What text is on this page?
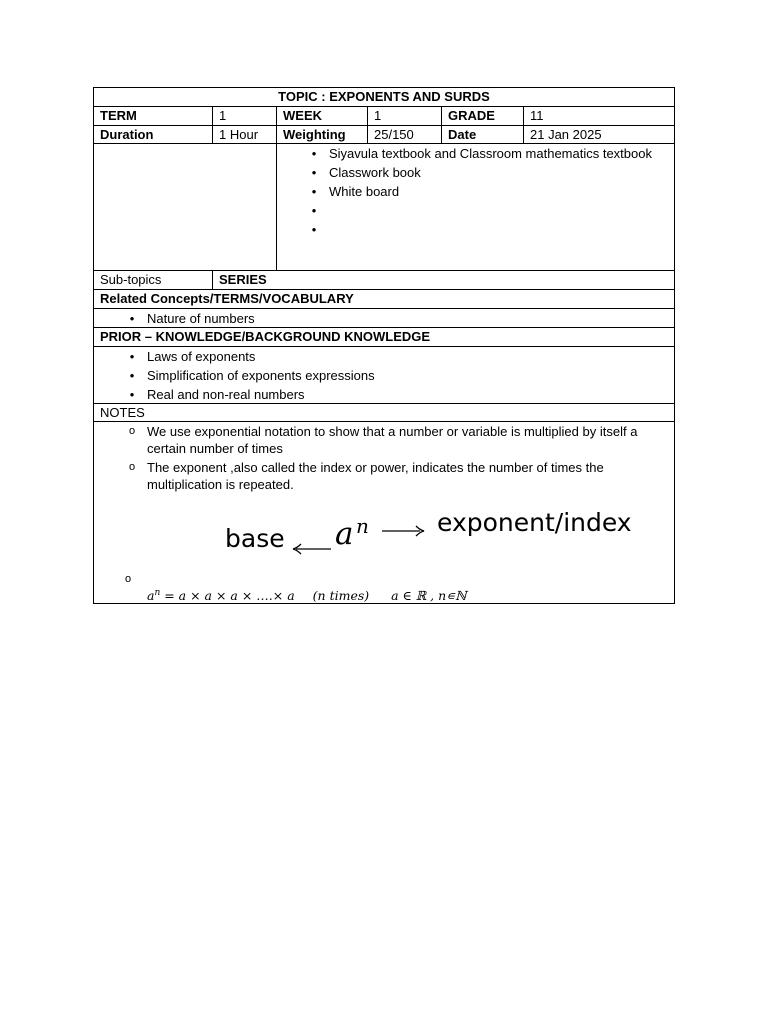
TOPIC : EXPONENTS AND SURDS
TERM	1	WEEK	1	GRADE	11
Duration	1 Hour	Weighting	25/150	Date	21 Jan 2025
• Siyavula textbook and Classroom mathematics textbook
• Classwork book
• White board
•

•

Sub-topics	SERIES
Related Concepts/TERMS/VOCABULARY
• Nature of numbers
PRIOR – KNOWLEDGE/BACKGROUND KNOWLEDGE
• Laws of exponents
• Simplification of exponents expressions
• Real and non-real numbers
NOTES
o We use exponential notation to show that a number or variable is multiplied by itself a certain number of times
o The exponent ,also called the index or power, indicates the number of times the multiplication is repeated.
base a n	exponent/index
o
$a^n = a \times a \times a$ × ….× a (n times) a ∈ ℝ , n∊ℕ
